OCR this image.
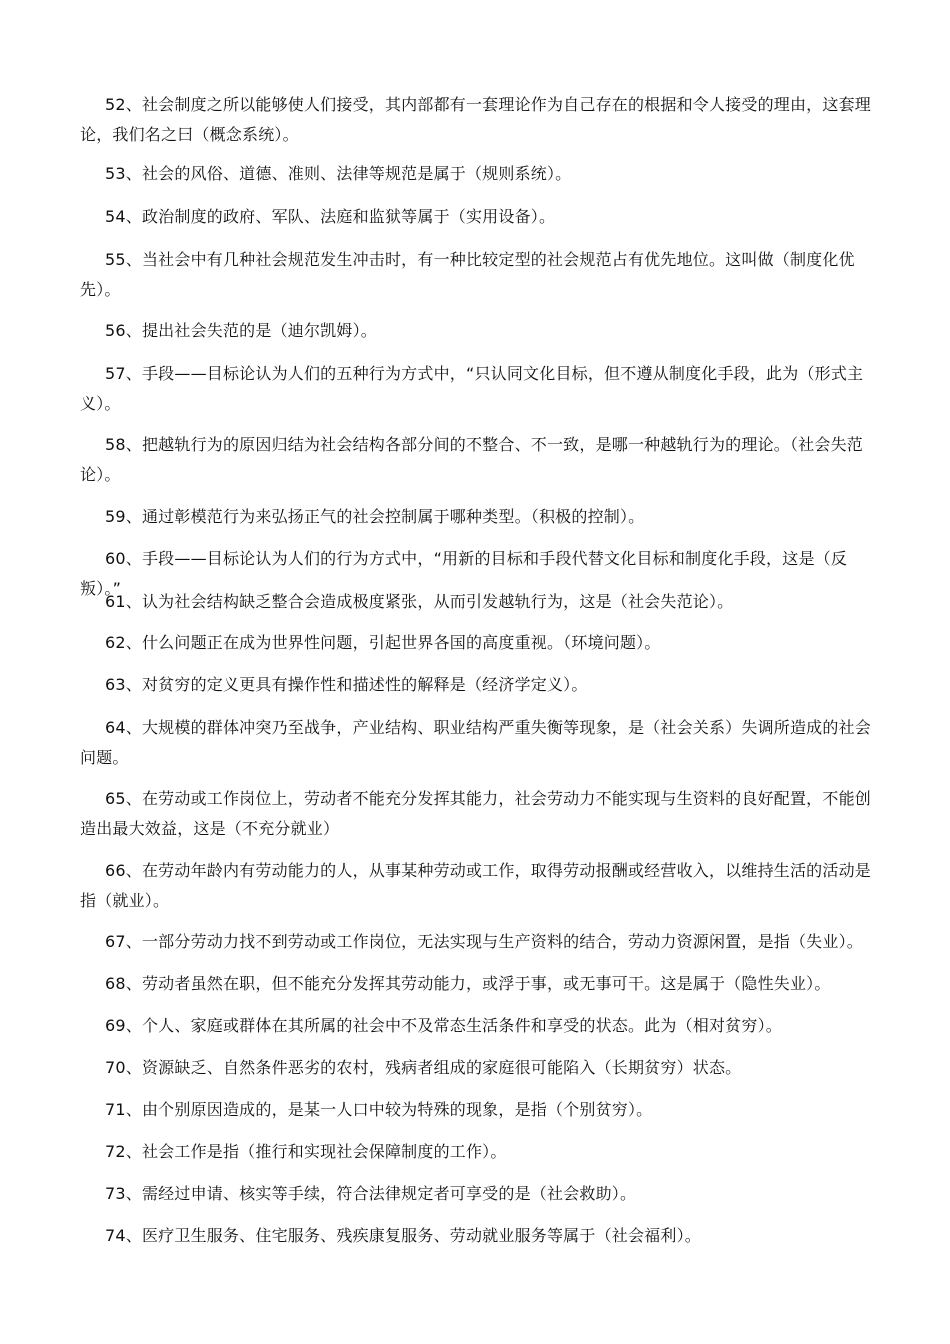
52、社会制度之所以能够使人们接受，其内部都有一套理论作为自己存在的根据和令人接受的理由，这套理论，我们名之曰（概念系统）。

53、社会的风俗、道德、准则、法律等规范是属于（规则系统）。

54、政治制度的政府、军队、法庭和监狱等属于（实用设备）。

55、当社会中有几种社会规范发生冲击时，有一种比较定型的社会规范占有优先地位。这叫做（制度化优先）。

56、提出社会失范的是（迪尔凯姆）。

57、手段——目标论认为人们的五种行为方式中，“只认同文化目标，但不遵从制度化手段，此为（形式主义）。

58、把越轨行为的原因归结为社会结构各部分间的不整合、不一致，是哪一种越轨行为的理论。（社会失范论）。

59、通过彰模范行为来弘扬正气的社会控制属于哪种类型。（积极的控制）。

60、手段——目标论认为人们的行为方式中，“用新的目标和手段代替文化目标和制度化手段，这是（反叛）。”

61、认为社会结构缺乏整合会造成极度紧张，从而引发越轨行为，这是（社会失范论）。

62、什么问题正在成为世界性问题，引起世界各国的高度重视。（环境问题）。

63、对贫穷的定义更具有操作性和描述性的解释是（经济学定义）。

64、大规模的群体冲突乃至战争，产业结构、职业结构严重失衡等现象，是（社会关系）失调所造成的社会问题。

65、在劳动或工作岗位上，劳动者不能充分发挥其能力，社会劳动力不能实现与生资料的良好配置，不能创造出最大效益，这是（不充分就业）

66、在劳动年龄内有劳动能力的人，从事某种劳动或工作，取得劳动报酬或经营收入，以维持生活的活动是指（就业）。

67、一部分劳动力找不到劳动或工作岗位，无法实现与生产资料的结合，劳动力资源闲置，是指（失业）。

68、劳动者虽然在职，但不能充分发挥其劳动能力，或浮于事，或无事可干。这是属于（隐性失业）。

69、个人、家庭或群体在其所属的社会中不及常态生活条件和享受的状态。此为（相对贫穷）。

70、资源缺乏、自然条件恶劣的农村，残病者组成的家庭很可能陷入（长期贫穷）状态。

71、由个别原因造成的，是某一人口中较为特殊的现象，是指（个别贫穷）。

72、社会工作是指（推行和实现社会保障制度的工作）。

73、需经过申请、核实等手续，符合法律规定者可享受的是（社会救助）。

74、医疗卫生服务、住宅服务、残疾康复服务、劳动就业服务等属于（社会福利）。
